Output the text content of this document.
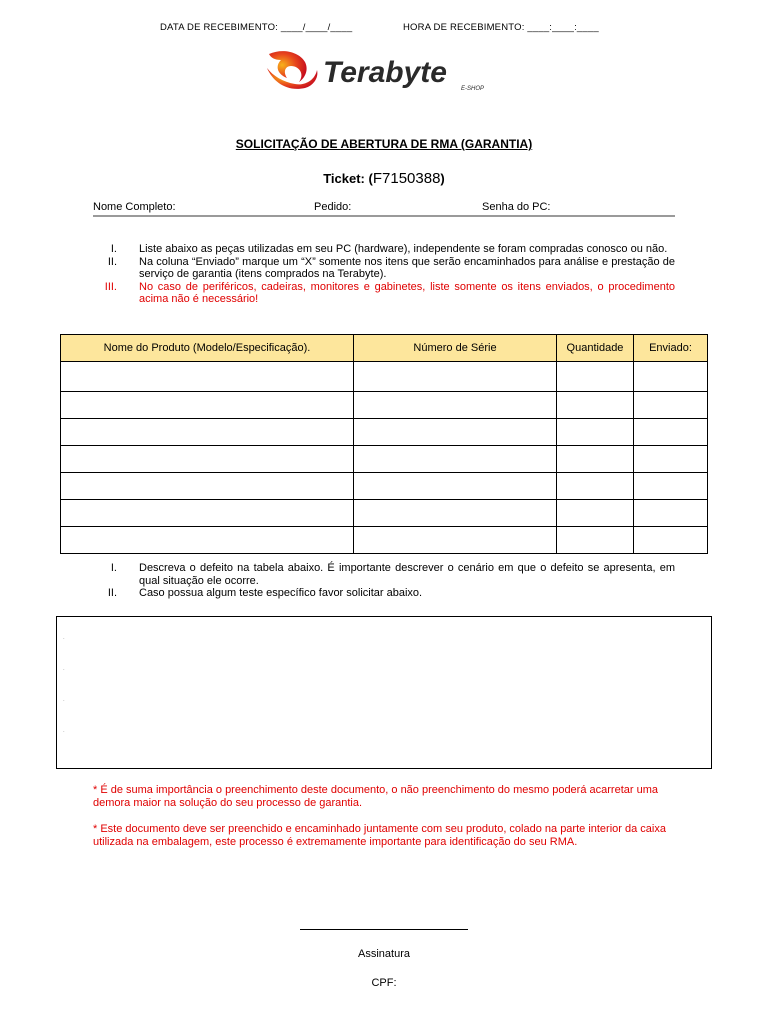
DATA DE RECEBIMENTO: ____/____/____	HORA DE RECEBIMENTO: ____:____:____
Terabyte E-SHOP
SOLICITAÇÃO DE ABERTURA DE RMA (GARANTIA)
Ticket: (F7150388)
Nome Completo:	Pedido:	Senha do PC:
I. Liste abaixo as peças utilizadas em seu PC (hardware), independente se foram compradas conosco ou não.
II. Na coluna “Enviado” marque um “X” somente nos itens que serão encaminhados para análise e prestação de serviço de garantia (itens comprados na Terabyte).
III. No caso de periféricos, cadeiras, monitores e gabinetes, liste somente os itens enviados, o procedimento acima não é necessário!
Nome do Produto (Modelo/Especificação).	Número de Série	Quantidade	Enviado:

I. Descreva o defeito na tabela abaixo. É importante descrever o cenário em que o defeito se apresenta, em qual situação ele ocorre.
II. Caso possua algum teste específico favor solicitar abaixo.
.
.
.
.
* É de suma importância o preenchimento deste documento, o não preenchimento do mesmo poderá acarretar uma demora maior na solução do seu processo de garantia.
* Este documento deve ser preenchido e encaminhado juntamente com seu produto, colado na parte interior da caixa utilizada na embalagem, este processo é extremamente importante para identificação do seu RMA.
Assinatura
CPF:
